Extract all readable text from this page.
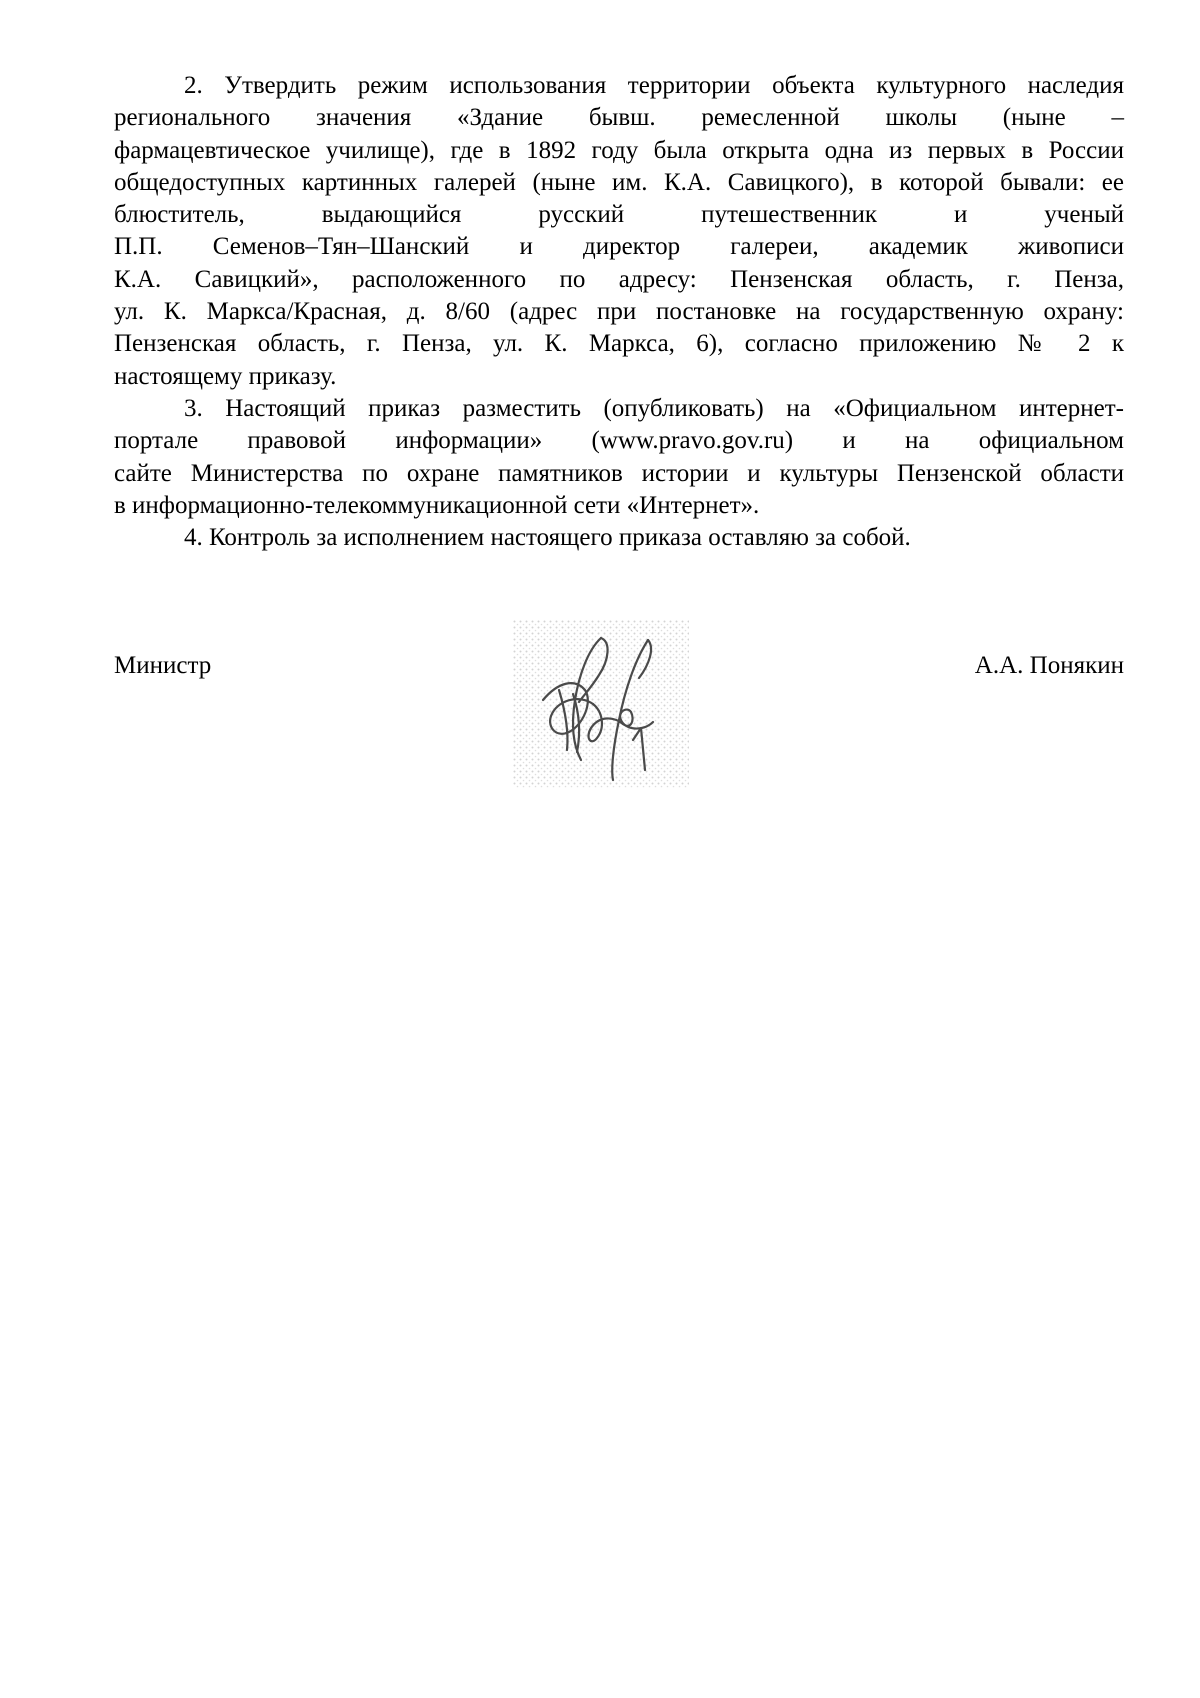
2. Утвердить режим использования территории объекта культурного наследия
регионального значения «Здание бывш. ремесленной школы (ныне –
фармацевтическое училище), где в 1892 году была открыта одна из первых в России
общедоступных картинных галерей (ныне им. К.А. Савицкого), в которой бывали: ее
блюститель, выдающийся русский путешественник и ученый
П.П. Семенов–Тян–Шанский и директор галереи, академик живописи
К.А. Савицкий», расположенного по адресу: Пензенская область, г. Пенза,
ул. К. Маркса/Красная, д. 8/60 (адрес при постановке на государственную охрану:
Пензенская область, г. Пенза, ул. К. Маркса, 6), согласно приложению № 2 к
настоящему приказу.
3. Настоящий приказ разместить (опубликовать) на «Официальном интернет-
портале правовой информации» (www.pravo.gov.ru) и на официальном
сайте Министерства по охране памятников истории и культуры Пензенской области
в информационно-телекоммуникационной сети «Интернет».
4. Контроль за исполнением настоящего приказа оставляю за собой.
Министр	А.А. Понякин
